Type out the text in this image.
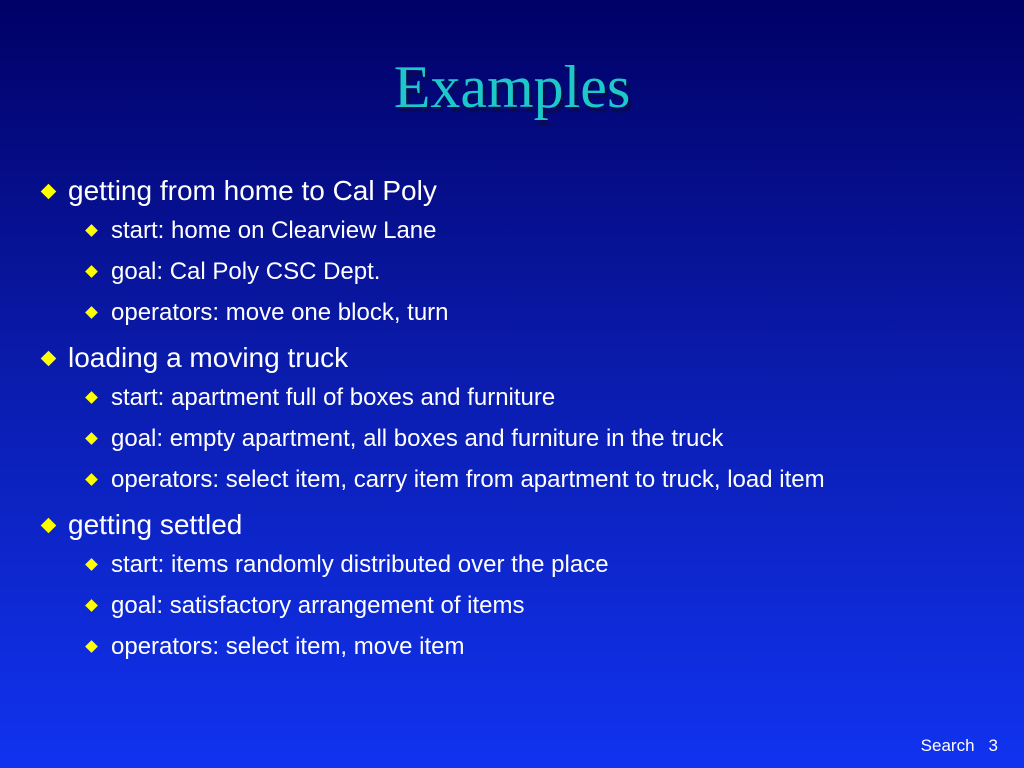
Examples
getting from home to Cal Poly
start: home on Clearview Lane
goal: Cal Poly CSC Dept.
operators: move one block, turn
loading a moving truck
start: apartment full of boxes and furniture
goal: empty apartment, all boxes and furniture in the truck
operators: select item, carry item from apartment to truck, load item
getting settled
start: items randomly distributed over the place
goal: satisfactory arrangement of items
operators: select item, move item
Search 3
